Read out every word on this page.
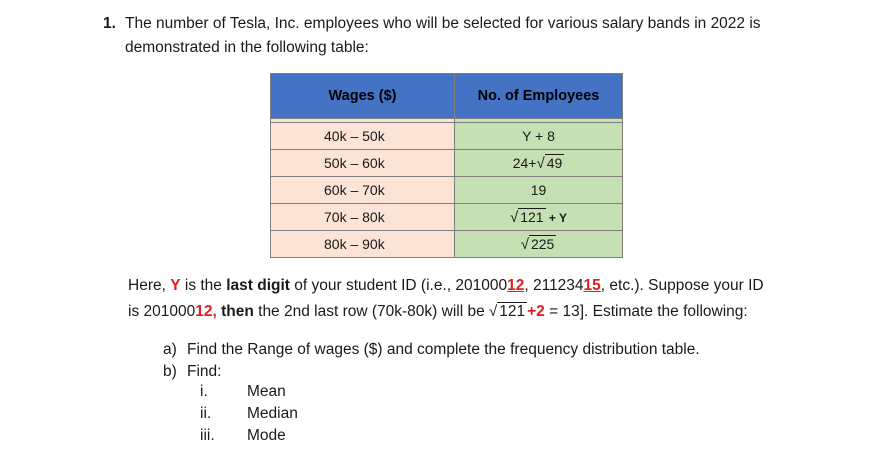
1. The number of Tesla, Inc. employees who will be selected for various salary bands in 2022 is
demonstrated in the following table:
Wages ($)	No. of Employees

40k – 50k	Y + 8
50k – 60k	24+√ 49
60k – 70k	19
70k – 80k	√ 121 + Y
80k – 90k	√ 225
Here, Y is the last digit of your student ID (i.e., 20100012, 21123415, etc.). Suppose your ID
is 20100012, then the 2nd last row (70k-80k) will be √ 121 +2 = 13]. Estimate the following:
a) Find the Range of wages ($) and complete the frequency distribution table.
b) Find:
i.	Mean
ii. Median
iii. Mode
